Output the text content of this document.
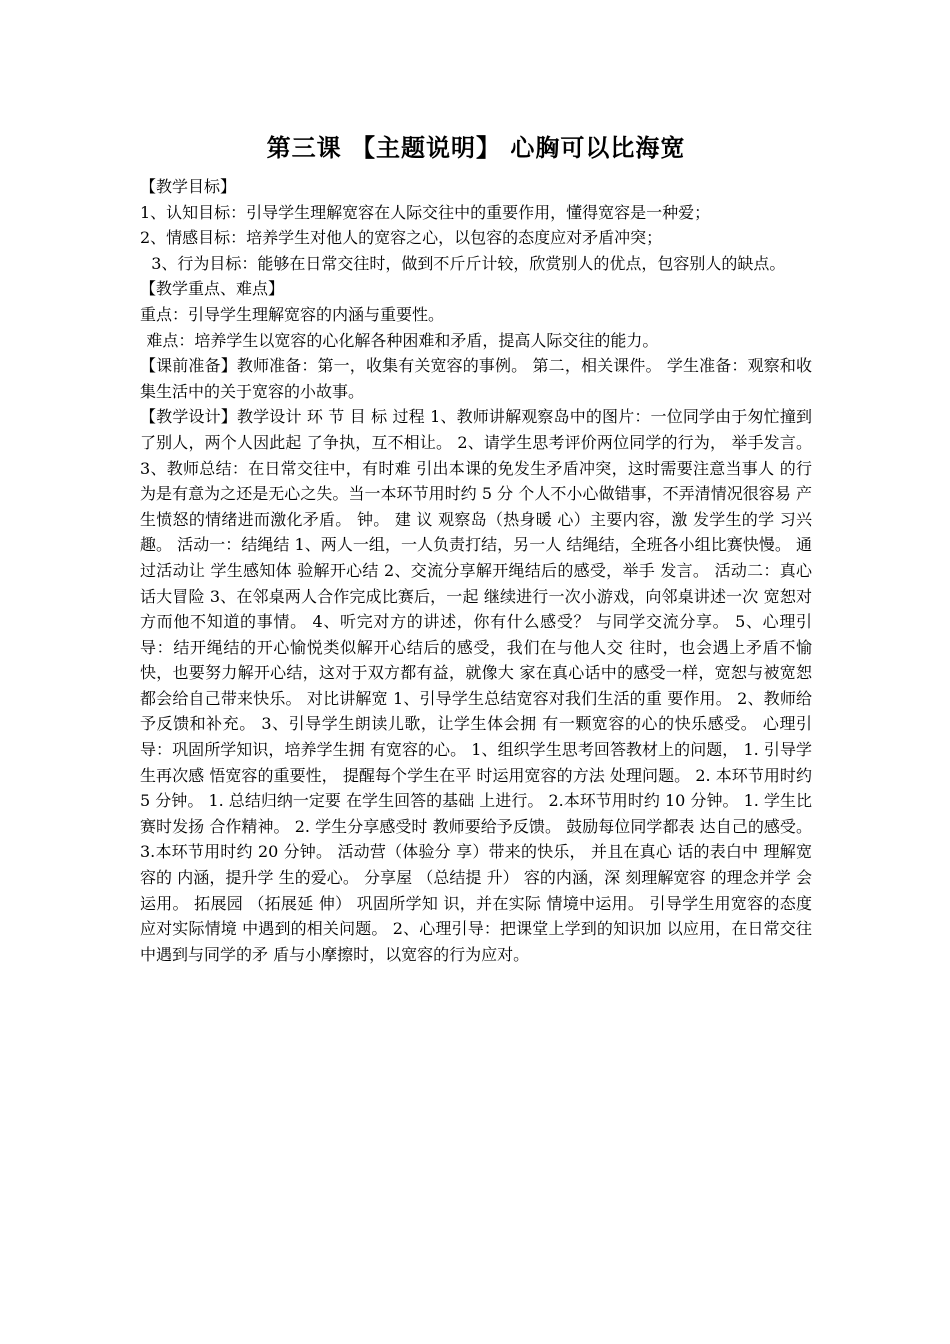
第三课 【主题说明】 心胸可以比海宽

【教学目标】

1、认知目标：引导学生理解宽容在人际交往中的重要作用，懂得宽容是一种爱；

2、情感目标：培养学生对他人的宽容之心，以包容的态度应对矛盾冲突；

3、行为目标：能够在日常交往时，做到不斤斤计较，欣赏别人的优点，包容别人的缺点。

【教学重点、难点】

重点：引导学生理解宽容的内涵与重要性。

难点：培养学生以宽容的心化解各种困难和矛盾，提高人际交往的能力。

【课前准备】教师准备：第一，收集有关宽容的事例。 第二，相关课件。 学生准备：观察和收集生活中的关于宽容的小故事。

【教学设计】教学设计 环 节 目 标 过程 1、教师讲解观察岛中的图片：一位同学由于匆忙撞到了别人，两个人因此起 了争执，互不相让。 2、请学生思考评价两位同学的行为， 举手发言。 3、教师总结：在日常交往中，有时难 引出本课的免发生矛盾冲突，这时需要注意当事人 的行为是有意为之还是无心之失。当一本环节用时约 5 分 个人不小心做错事，不弄清情况很容易 产生愤怒的情绪进而激化矛盾。 钟。 建 议 观察岛（热身暖 心）主要内容，激 发学生的学 习兴趣。 活动一：结绳结 1、两人一组，一人负责打结，另一人 结绳结，全班各小组比赛快慢。 通过活动让 学生感知体 验解开心结 2、交流分享解开绳结后的感受，举手 发言。 活动二：真心话大冒险 3、在邻桌两人合作完成比赛后，一起 继续进行一次小游戏，向邻桌讲述一次 宽恕对方而他不知道的事情。 4、听完对方的讲述，你有什么感受？ 与同学交流分享。 5、心理引导：结开绳结的开心愉悦类似解开心结后的感受，我们在与他人交 往时，也会遇上矛盾不愉快，也要努力解开心结，这对于双方都有益，就像大 家在真心话中的感受一样，宽恕与被宽恕都会给自己带来快乐。 对比讲解宽 1、引导学生总结宽容对我们生活的重 要作用。 2、教师给予反馈和补充。 3、引导学生朗读儿歌，让学生体会拥 有一颗宽容的心的快乐感受。 心理引导：巩固所学知识，培养学生拥 有宽容的心。 1、组织学生思考回答教材上的问题， 1. 引导学生再次感 悟宽容的重要性， 提醒每个学生在平 时运用宽容的方法 处理问题。 2. 本环节用时约 5 分钟。 1. 总结归纳一定要 在学生回答的基础 上进行。 2.本环节用时约 10 分钟。 1. 学生比赛时发扬 合作精神。 2. 学生分享感受时 教师要给予反馈。 鼓励每位同学都表 达自己的感受。 3.本环节用时约 20 分钟。 活动营（体验分 享）带来的快乐， 并且在真心 话的表白中 理解宽容的 内涵，提升学 生的爱心。 分享屋 （总结提 升） 容的内涵，深 刻理解宽容 的理念并学 会运用。 拓展园 （拓展延 伸） 巩固所学知 识，并在实际 情境中运用。 引导学生用宽容的态度应对实际情境 中遇到的相关问题。 2、心理引导：把课堂上学到的知识加 以应用，在日常交往中遇到与同学的矛 盾与小摩擦时，以宽容的行为应对。
